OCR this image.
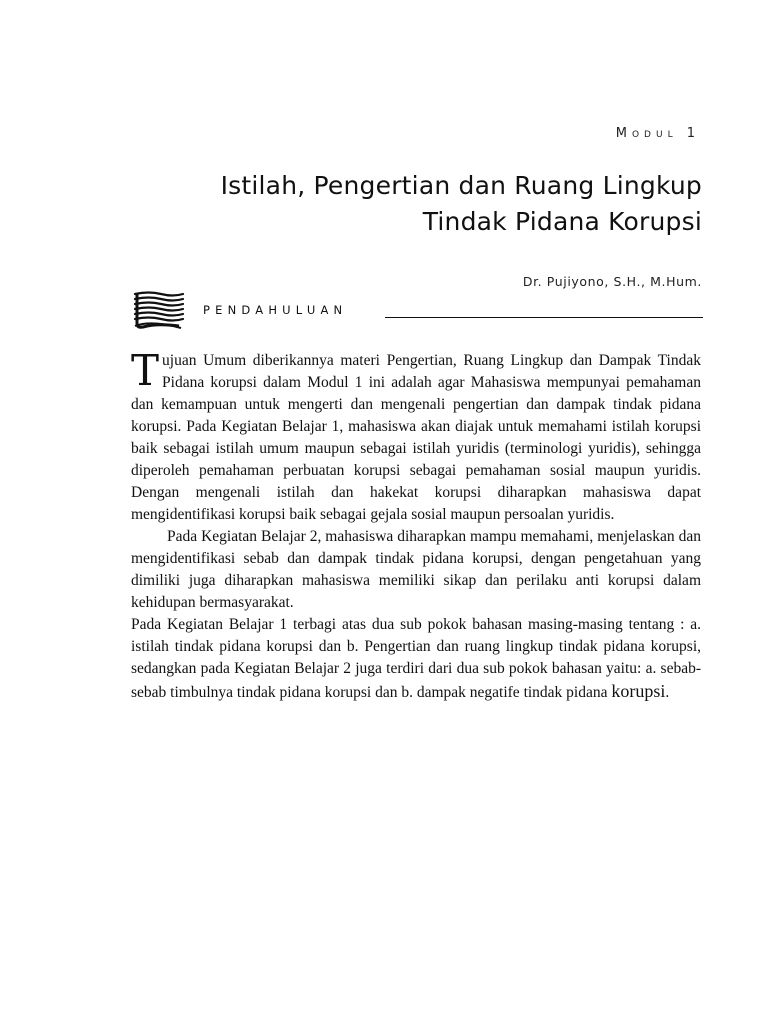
Modul 1
Istilah, Pengertian dan Ruang Lingkup
Tindak Pidana Korupsi
Dr. Pujiyono, S.H., M.Hum.
PENDAHULUAN

Tujuan Umum diberikannya materi Pengertian, Ruang Lingkup dan Dampak Tindak Pidana korupsi dalam Modul 1 ini adalah agar Mahasiswa mempunyai pemahaman dan kemampuan untuk mengerti dan mengenali pengertian dan dampak tindak pidana korupsi. Pada Kegiatan Belajar 1, mahasiswa akan diajak untuk memahami istilah korupsi baik sebagai istilah umum maupun sebagai istilah yuridis (terminologi yuridis), sehingga diperoleh pemahaman perbuatan korupsi sebagai pemahaman sosial maupun yuridis. Dengan mengenali istilah dan hakekat korupsi diharapkan mahasiswa dapat mengidentifikasi korupsi baik sebagai gejala sosial maupun persoalan yuridis.

Pada Kegiatan Belajar 2, mahasiswa diharapkan mampu memahami, menjelaskan dan mengidentifikasi sebab dan dampak tindak pidana korupsi, dengan pengetahuan yang dimiliki juga diharapkan mahasiswa memiliki sikap dan perilaku anti korupsi dalam kehidupan bermasyarakat.

Pada Kegiatan Belajar 1 terbagi atas dua sub pokok bahasan masing-masing tentang : a. istilah tindak pidana korupsi dan b. Pengertian dan ruang lingkup tindak pidana korupsi, sedangkan pada Kegiatan Belajar 2 juga terdiri dari dua sub pokok bahasan yaitu: a. sebab-sebab timbulnya tindak pidana korupsi dan b. dampak negatife tindak pidana korupsi.
